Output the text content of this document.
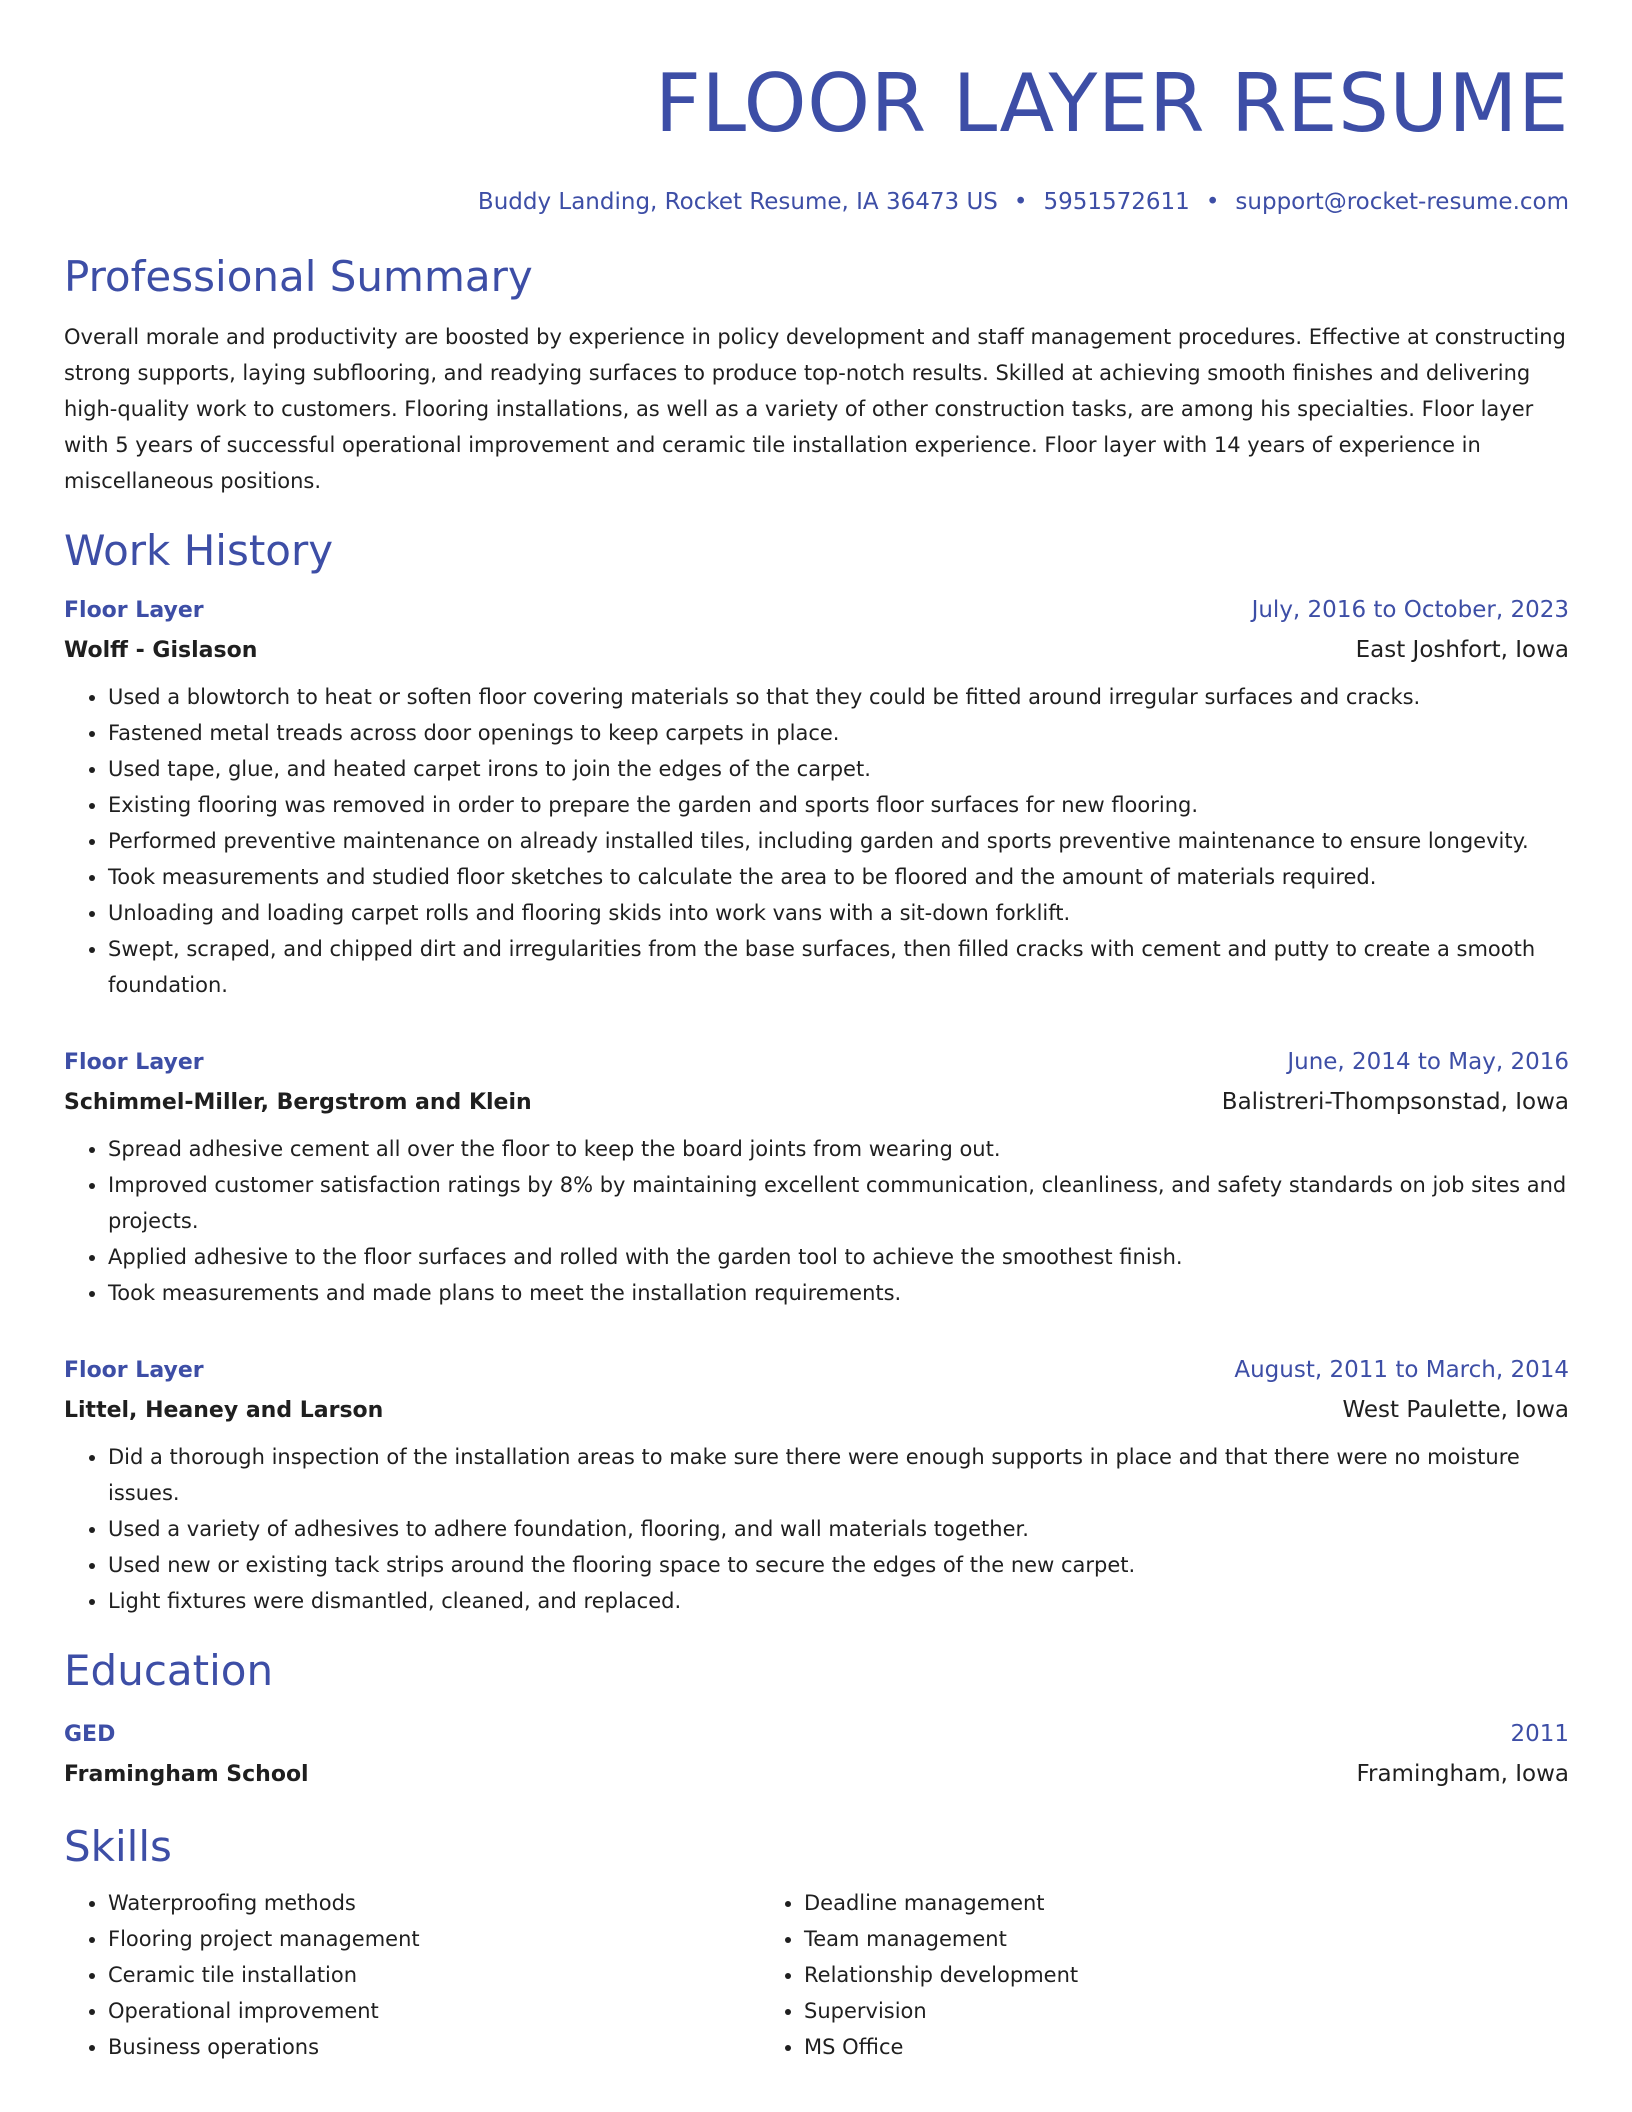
FLOOR LAYER RESUME
Buddy Landing, Rocket Resume, IA 36473 US • 5951572611 • support@rocket-resume.com
Professional Summary
Overall morale and productivity are boosted by experience in policy development and staff management procedures. Effective at constructing strong supports, laying subflooring, and readying surfaces to produce top-notch results. Skilled at achieving smooth finishes and delivering high-quality work to customers. Flooring installations, as well as a variety of other construction tasks, are among his specialties. Floor layer with 5 years of successful operational improvement and ceramic tile installation experience. Floor layer with 14 years of experience in miscellaneous positions.
Work History
Floor Layer	July, 2016 to October, 2023
Wolff - Gislason	East Joshfort, Iowa
• Used a blowtorch to heat or soften floor covering materials so that they could be fitted around irregular surfaces and cracks.
• Fastened metal treads across door openings to keep carpets in place.
• Used tape, glue, and heated carpet irons to join the edges of the carpet.
• Existing flooring was removed in order to prepare the garden and sports floor surfaces for new flooring.
• Performed preventive maintenance on already installed tiles, including garden and sports preventive maintenance to ensure longevity.
• Took measurements and studied floor sketches to calculate the area to be floored and the amount of materials required.
• Unloading and loading carpet rolls and flooring skids into work vans with a sit-down forklift.
• Swept, scraped, and chipped dirt and irregularities from the base surfaces, then filled cracks with cement and putty to create a smooth foundation.
Floor Layer	June, 2014 to May, 2016
Schimmel-Miller, Bergstrom and Klein	Balistreri-Thompsonstad, Iowa
• Spread adhesive cement all over the floor to keep the board joints from wearing out.
• Improved customer satisfaction ratings by 8% by maintaining excellent communication, cleanliness, and safety standards on job sites and projects.
• Applied adhesive to the floor surfaces and rolled with the garden tool to achieve the smoothest finish.
• Took measurements and made plans to meet the installation requirements.
Floor Layer	August, 2011 to March, 2014
Littel, Heaney and Larson	West Paulette, Iowa
• Did a thorough inspection of the installation areas to make sure there were enough supports in place and that there were no moisture issues.
• Used a variety of adhesives to adhere foundation, flooring, and wall materials together.
• Used new or existing tack strips around the flooring space to secure the edges of the new carpet.
• Light fixtures were dismantled, cleaned, and replaced.
Education
GED	2011
Framingham School	Framingham, Iowa
Skills
• Waterproofing methods
• Flooring project management
• Ceramic tile installation
• Operational improvement
• Business operations
• Deadline management
• Team management
• Relationship development
• Supervision
• MS Office
